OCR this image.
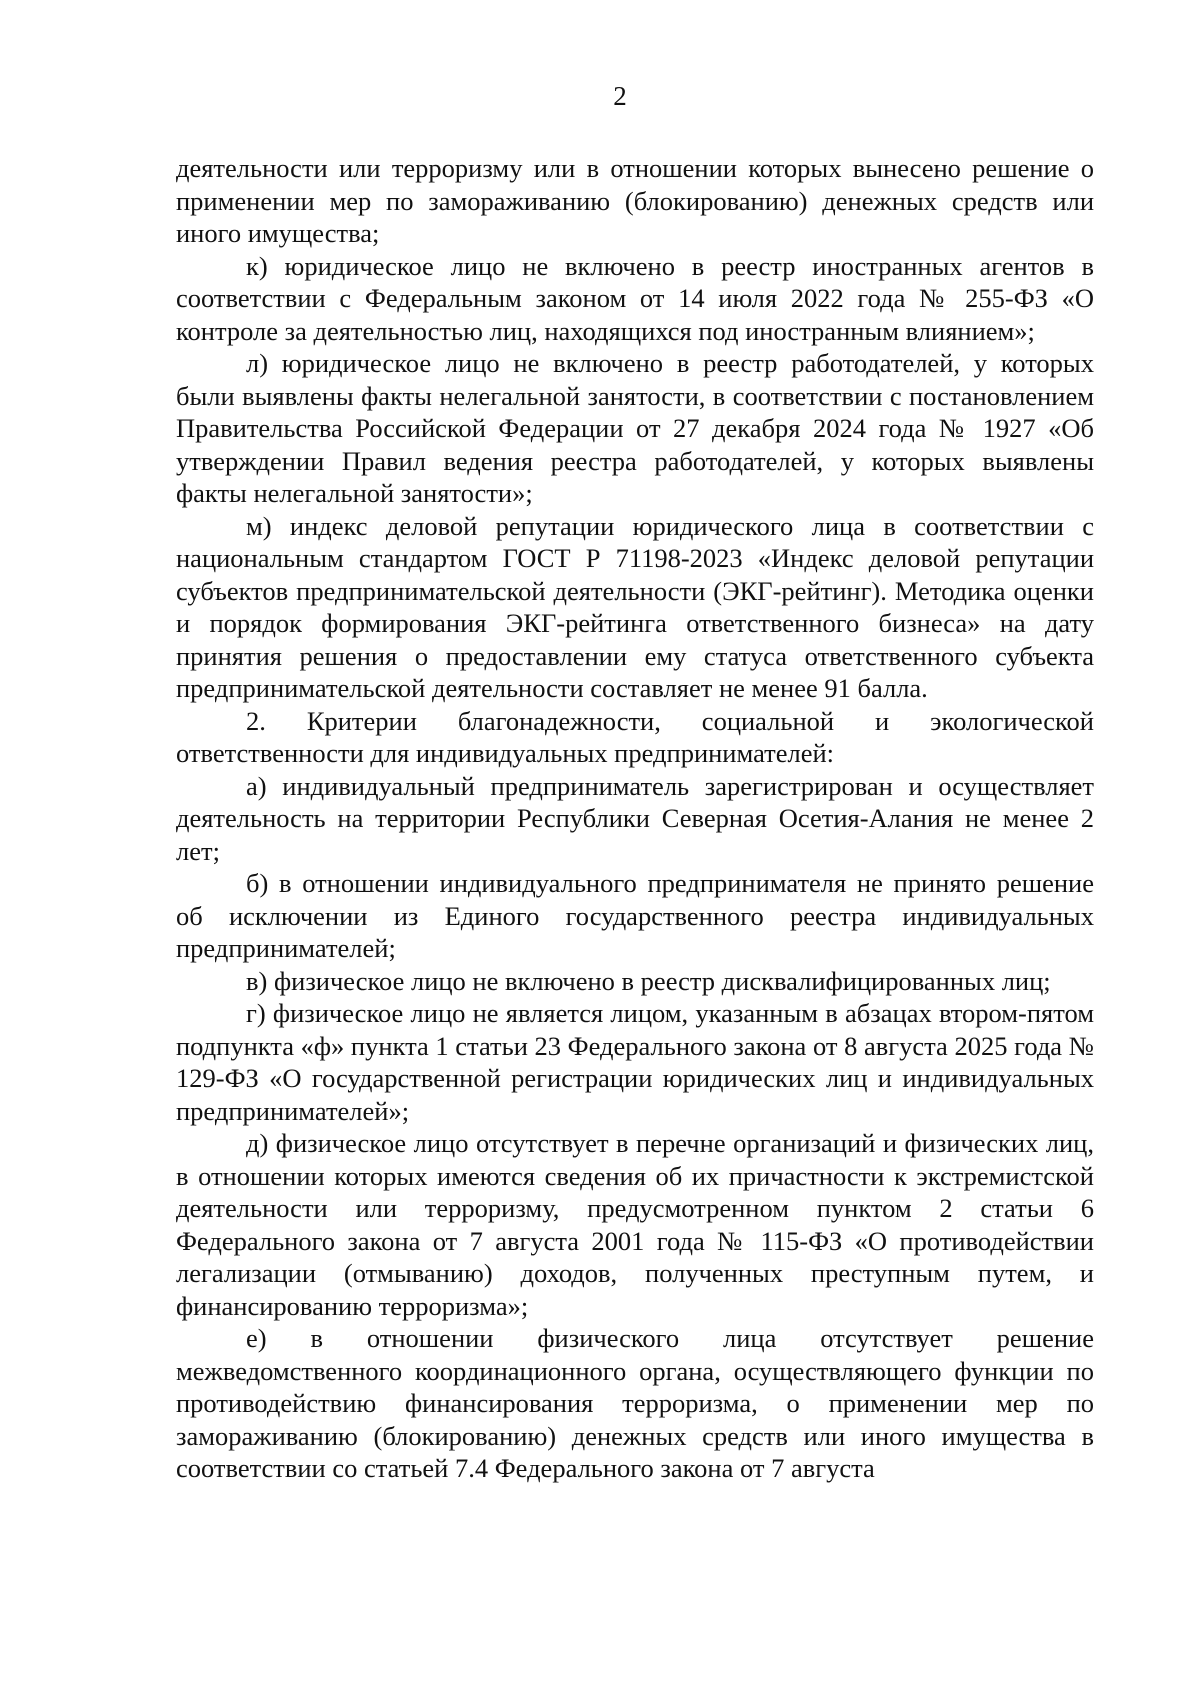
2

деятельности или терроризму или в отношении которых вынесено решение о применении мер по замораживанию (блокированию) денежных средств или иного имущества;

к) юридическое лицо не включено в реестр иностранных агентов в соответствии с Федеральным законом от 14 июля 2022 года № 255-ФЗ «О контроле за деятельностью лиц, находящихся под иностранным влиянием»;

л) юридическое лицо не включено в реестр работодателей, у которых были выявлены факты нелегальной занятости, в соответствии с постановлением Правительства Российской Федерации от 27 декабря 2024 года № 1927 «Об утверждении Правил ведения реестра работодателей, у которых выявлены факты нелегальной занятости»;

м) индекс деловой репутации юридического лица в соответствии с национальным стандартом ГОСТ Р 71198-2023 «Индекс деловой репутации субъектов предпринимательской деятельности (ЭКГ-рейтинг). Методика оценки и порядок формирования ЭКГ-рейтинга ответственного бизнеса» на дату принятия решения о предоставлении ему статуса ответственного субъекта предпринимательской деятельности составляет не менее 91 балла.

2. Критерии благонадежности, социальной и экологической ответственности для индивидуальных предпринимателей:

а) индивидуальный предприниматель зарегистрирован и осуществляет деятельность на территории Республики Северная Осетия-Алания не менее 2 лет;

б) в отношении индивидуального предпринимателя не принято решение об исключении из Единого государственного реестра индивидуальных предпринимателей;

в) физическое лицо не включено в реестр дисквалифицированных лиц;

г) физическое лицо не является лицом, указанным в абзацах втором-пятом подпункта «ф» пункта 1 статьи 23 Федерального закона от 8 августа 2025 года № 129-ФЗ «О государственной регистрации юридических лиц и индивидуальных предпринимателей»;

д) физическое лицо отсутствует в перечне организаций и физических лиц, в отношении которых имеются сведения об их причастности к экстремистской деятельности или терроризму, предусмотренном пунктом 2 статьи 6 Федерального закона от 7 августа 2001 года № 115-ФЗ «О противодействии легализации (отмыванию) доходов, полученных преступным путем, и финансированию терроризма»;

е) в отношении физического лица отсутствует решение межведомственного координационного органа, осуществляющего функции по противодействию финансирования терроризма, о применении мер по замораживанию (блокированию) денежных средств или иного имущества в соответствии со статьей 7.4 Федерального закона от 7 августа
